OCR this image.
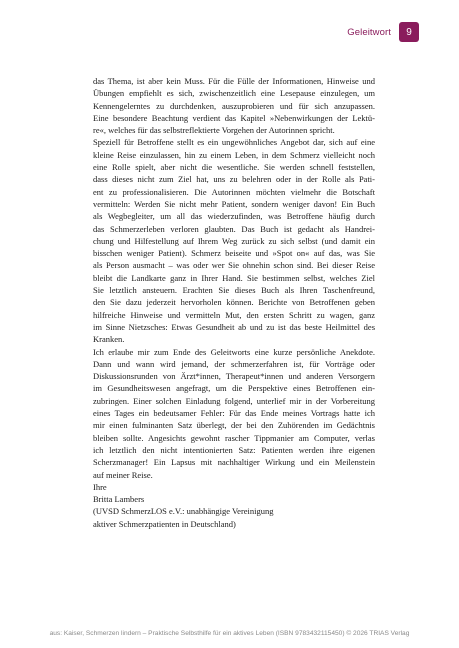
Geleitwort	9

das Thema, ist aber kein Muss. Für die Fülle der Informationen, Hinweise und
Übungen empfiehlt es sich, zwischenzeitlich eine Lesepause einzulegen, um
Kennengelerntes zu durchdenken, auszuprobieren und für sich anzupassen.
Eine besondere Beachtung verdient das Kapitel »Nebenwirkungen der Lektü-
re«, welches für das selbstreflektierte Vorgehen der Autorinnen spricht.

Speziell für Betroffene stellt es ein ungewöhnliches Angebot dar, sich auf eine
kleine Reise einzulassen, hin zu einem Leben, in dem Schmerz vielleicht noch
eine Rolle spielt, aber nicht die wesentliche. Sie werden schnell feststellen,
dass dieses nicht zum Ziel hat, uns zu belehren oder in der Rolle als Pati-
ent zu professionalisieren. Die Autorinnen möchten vielmehr die Botschaft
vermitteln: Werden Sie nicht mehr Patient, sondern weniger davon! Ein Buch
als Wegbegleiter, um all das wiederzufinden, was Betroffene häufig durch
das Schmerzerleben verloren glaubten. Das Buch ist gedacht als Handrei-
chung und Hilfestellung auf Ihrem Weg zurück zu sich selbst (und damit ein
bisschen weniger Patient). Schmerz beiseite und »Spot on« auf das, was Sie
als Person ausmacht – was oder wer Sie ohnehin schon sind. Bei dieser Reise
bleibt die Landkarte ganz in Ihrer Hand. Sie bestimmen selbst, welches Ziel
Sie letztlich ansteuern. Erachten Sie dieses Buch als Ihren Taschenfreund,
den Sie dazu jederzeit hervorholen können. Berichte von Betroffenen geben
hilfreiche Hinweise und vermitteln Mut, den ersten Schritt zu wagen, ganz
im Sinne Nietzsches: Etwas Gesundheit ab und zu ist das beste Heilmittel des
Kranken.

Ich erlaube mir zum Ende des Geleitworts eine kurze persönliche Anekdote.
Dann und wann wird jemand, der schmerzerfahren ist, für Vorträge oder
Diskussionsrunden von Ärzt*innen, Therapeut*innen und anderen Versorgern
im Gesundheitswesen angefragt, um die Perspektive eines Betroffenen ein-
zubringen. Einer solchen Einladung folgend, unterlief mir in der Vorbereitung
eines Tages ein bedeutsamer Fehler: Für das Ende meines Vortrags hatte ich
mir einen fulminanten Satz überlegt, der bei den Zuhörenden im Gedächtnis
bleiben sollte. Angesichts gewohnt rascher Tippmanier am Computer, verlas
ich letztlich den nicht intentionierten Satz: Patienten werden ihre eigenen
Scherzmanager! Ein Lapsus mit nachhaltiger Wirkung und ein Meilenstein
auf meiner Reise.

Ihre
Britta Lambers
(UVSD SchmerzLOS e.V.: unabhängige Vereinigung
aktiver Schmerzpatienten in Deutschland)

aus: Kaiser, Schmerzen lindern – Praktische Selbsthilfe für ein aktives Leben (ISBN 9783432115450) © 2026 TRIAS Verlag
